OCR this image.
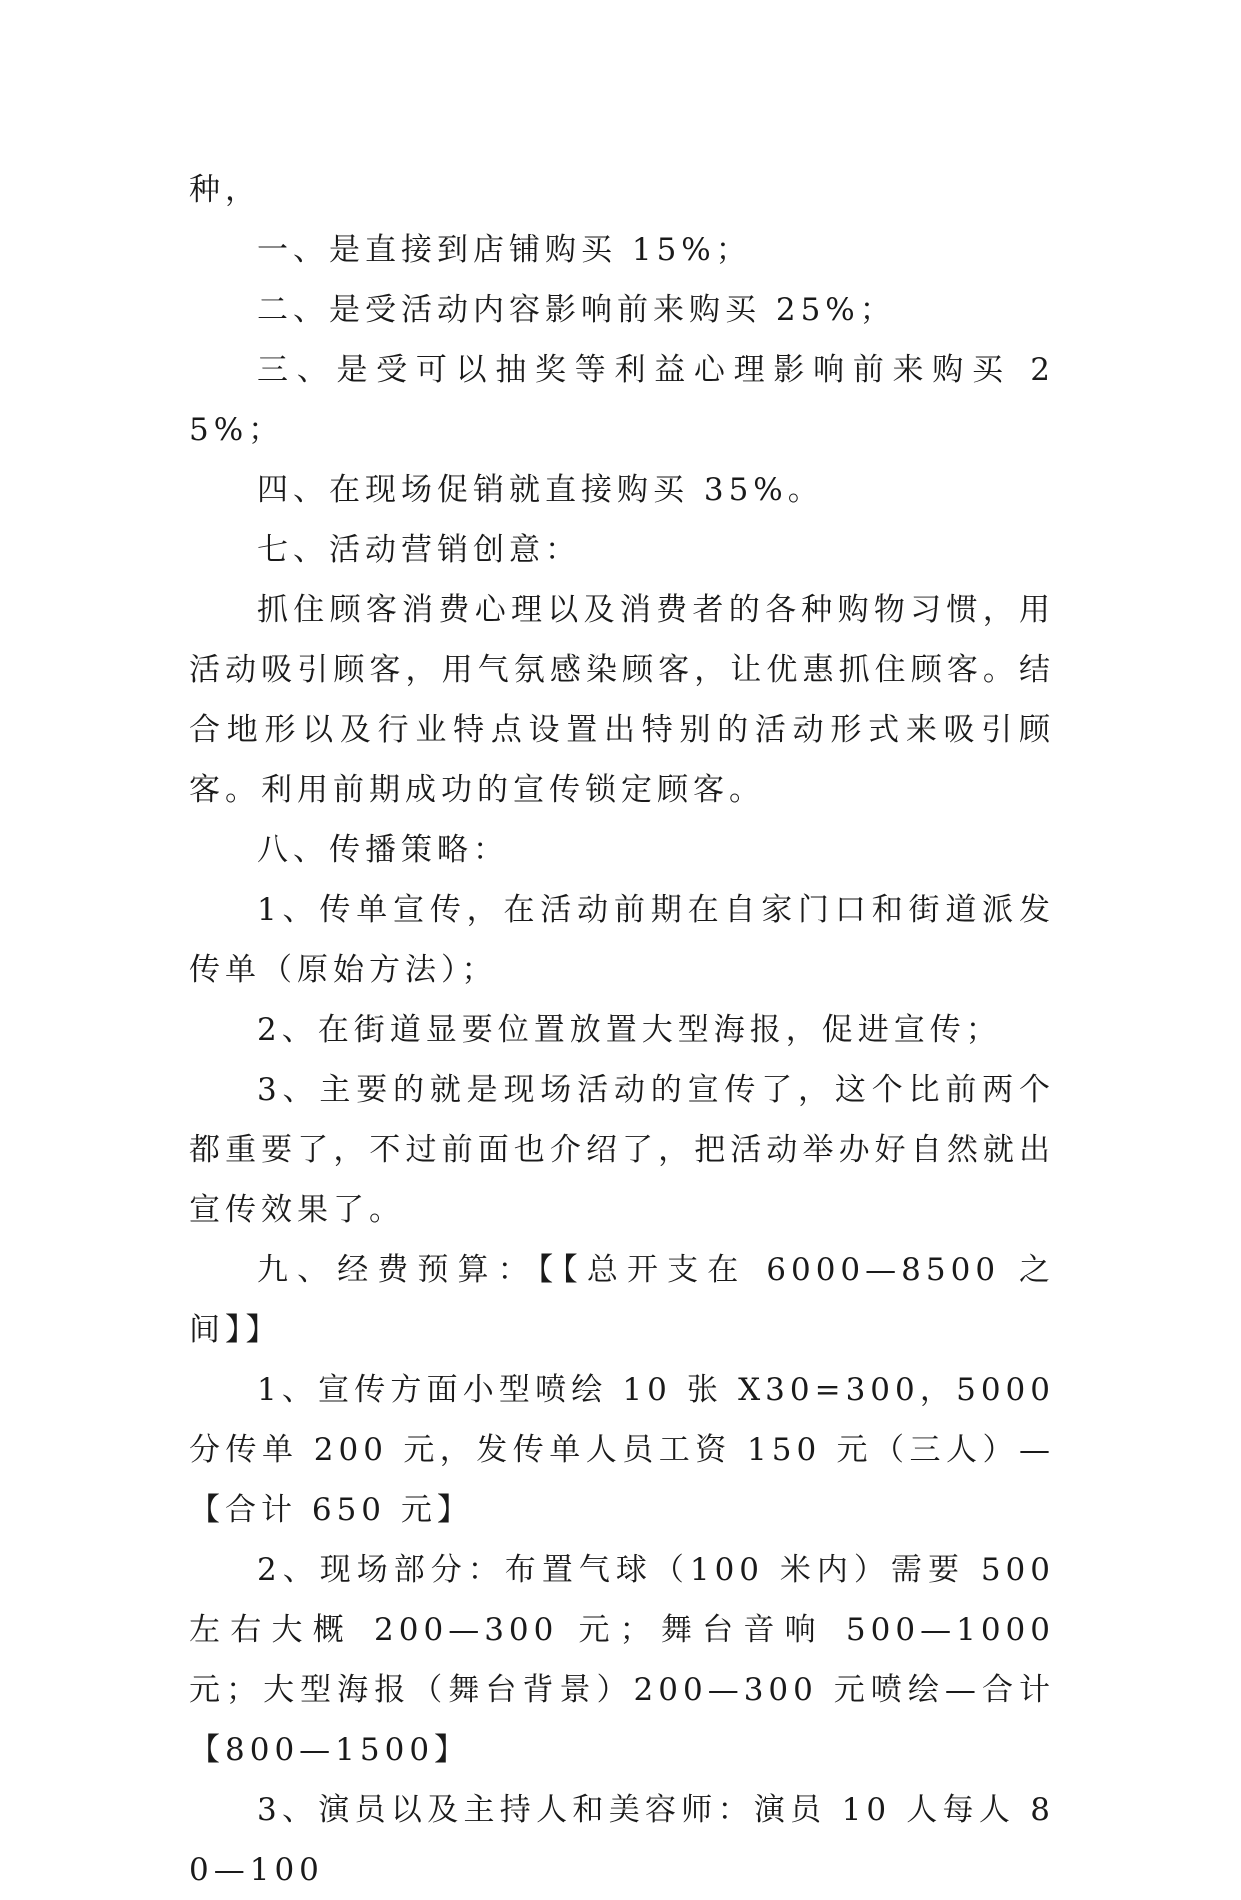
种，

一、是直接到店铺购买 15%；

二、是受活动内容影响前来购买 25%；

三、是受可以抽奖等利益心理影响前来购买 25%；

四、在现场促销就直接购买 35%。

七、活动营销创意：

抓住顾客消费心理以及消费者的各种购物习惯，用活动吸引顾客，用气氛感染顾客，让优惠抓住顾客。结合地形以及行业特点设置出特别的活动形式来吸引顾客。利用前期成功的宣传锁定顾客。

八、传播策略：

1、传单宣传，在活动前期在自家门口和街道派发传单（原始方法）；

2、在街道显要位置放置大型海报，促进宣传；

3、主要的就是现场活动的宣传了，这个比前两个都重要了，不过前面也介绍了，把活动举办好自然就出宣传效果了。

九、经费预算：【【总开支在 6000—8500 之间】】

1、宣传方面小型喷绘 10 张 X30=300，5000 分传单 200 元，发传单人员工资 150 元（三人）—【合计 650 元】

2、现场部分：布置气球（100 米内）需要 500 左右大概 200—300 元；舞台音响 500—1000 元；大型海报（舞台背景）200—300 元喷绘—合计【800—1500】

3、演员以及主持人和美容师：演员 10 人每人 80—100
